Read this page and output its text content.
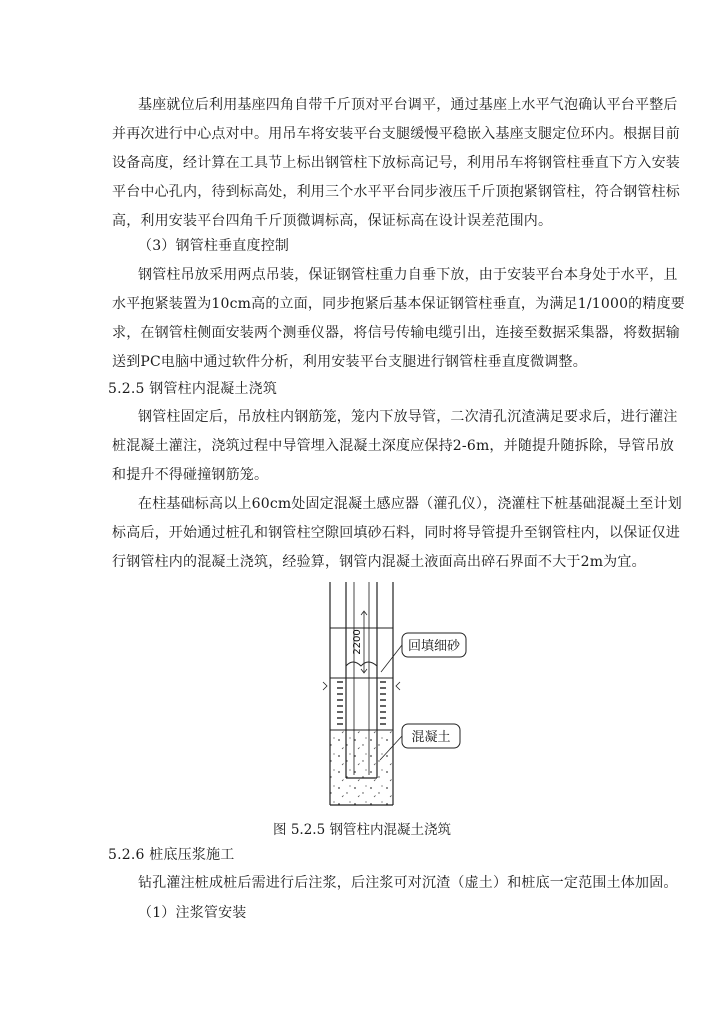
基座就位后利用基座四角自带千斤顶对平台调平，通过基座上水平气泡确认平台平整后
并再次进行中心点对中。用吊车将安装平台支腿缓慢平稳嵌入基座支腿定位环内。根据目前
设备高度，经计算在工具节上标出钢管柱下放标高记号，利用吊车将钢管柱垂直下方入安装
平台中心孔内，待到标高处，利用三个水平平台同步液压千斤顶抱紧钢管柱，符合钢管柱标
高，利用安装平台四角千斤顶微调标高，保证标高在设计误差范围内。
（3）钢管柱垂直度控制
钢管柱吊放采用两点吊装，保证钢管柱重力自垂下放，由于安装平台本身处于水平，且
水平抱紧装置为10cm高的立面，同步抱紧后基本保证钢管柱垂直，为满足1/1000的精度要
求，在钢管柱侧面安装两个测垂仪器，将信号传输电缆引出，连接至数据采集器，将数据输
送到PC电脑中通过软件分析，利用安装平台支腿进行钢管柱垂直度微调整。
5.2.5 钢管柱内混凝土浇筑
钢管柱固定后，吊放柱内钢筋笼，笼内下放导管，二次清孔沉渣满足要求后，进行灌注
桩混凝土灌注，浇筑过程中导管埋入混凝土深度应保持2-6m，并随提升随拆除，导管吊放
和提升不得碰撞钢筋笼。
在柱基础标高以上60cm处固定混凝土感应器（灌孔仪），浇灌柱下桩基础混凝土至计划
标高后，开始通过桩孔和钢管柱空隙回填砂石料，同时将导管提升至钢管柱内，以保证仅进
行钢管柱内的混凝土浇筑，经验算，钢管内混凝土液面高出碎石界面不大于2m为宜。
回填细砂
混凝土
2200
图 5.2.5 钢管柱内混凝土浇筑
5.2.6 桩底压浆施工
钻孔灌注桩成桩后需进行后注浆，后注浆可对沉渣（虚土）和桩底一定范围土体加固。
（1）注浆管安装
